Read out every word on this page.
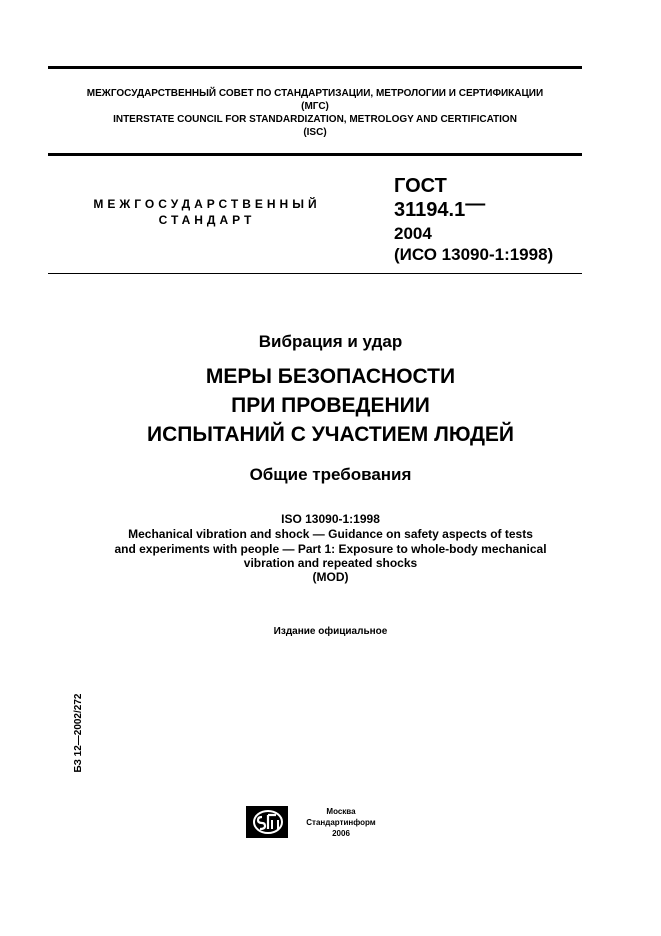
МЕЖГОСУДАРСТВЕННЫЙ СОВЕТ ПО СТАНДАРТИЗАЦИИ, МЕТРОЛОГИИ И СЕРТИФИКАЦИИ
(МГС)
INTERSTATE COUNCIL FOR STANDARDIZATION, METROLOGY AND CERTIFICATION
(ISC)
МЕЖГОСУДАРСТВЕННЫЙ
СТАНДАРТ
ГОСТ
31194.1—
2004
(ИСО 13090-1:1998)
Вибрация и удар
МЕРЫ БЕЗОПАСНОСТИ
ПРИ ПРОВЕДЕНИИ
ИСПЫТАНИЙ С УЧАСТИЕМ ЛЮДЕЙ
Общие требования
ISO 13090-1:1998
Mechanical vibration and shock — Guidance on safety aspects of tests
and experiments with people — Part 1: Exposure to whole-body mechanical
vibration and repeated shocks
(MOD)
Издание официальное
БЗ 12—2002/272
Москва
Стандартинформ
2006
